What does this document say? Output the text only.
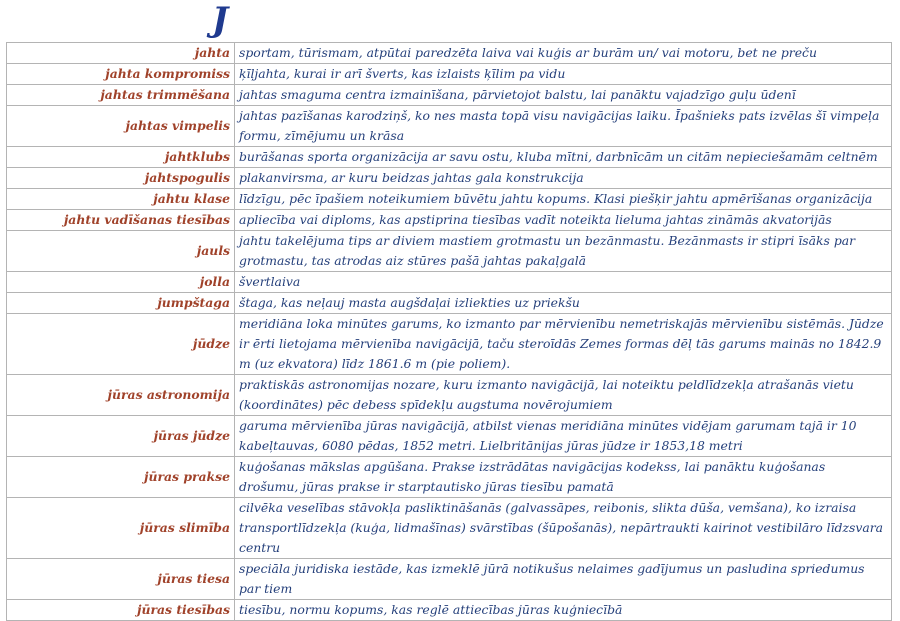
J
jahta	sportam, tūrismam, atpūtai paredzēta laiva vai kuģis ar burām un/ vai motoru, bet ne preču
jahta kompromiss	ķīļjahta, kurai ir arī šverts, kas izlaists ķīlim pa vidu
jahtas trimmēšana	jahtas smaguma centra izmainīšana, pārvietojot balstu, lai panāktu vajadzīgo guļu ūdenī
jahtas vimpelis	jahtas pazīšanas karodziņš, ko nes masta topā visu navigācijas laiku. Īpašnieks pats izvēlas šī vimpeļa formu, zīmējumu un krāsa
jahtklubs	burāšanas sporta organizācija ar savu ostu, kluba mītni, darbnīcām un citām nepieciešamām celtnēm
jahtspogulis	plakanvirsma, ar kuru beidzas jahtas gala konstrukcija
jahtu klase	līdzīgu, pēc īpašiem noteikumiem būvētu jahtu kopums. Klasi piešķir jahtu apmērīšanas organizācija
jahtu vadīšanas tiesības	apliecība vai diploms, kas apstiprina tiesības vadīt noteikta lieluma jahtas zināmās akvatorijās
jauls	jahtu takelējuma tips ar diviem mastiem grotmastu un bezānmastu. Bezānmasts ir stipri īsāks par grotmastu, tas atrodas aiz stūres pašā jahtas pakaļgalā
jolla	švertlaiva
jumpštaga	štaga, kas neļauj masta augšdaļai izliekties uz priekšu
jūdze	meridiāna loka minūtes garums, ko izmanto par mērvienību nemetriskajās mērvienību sistēmās. Jūdze ir ērti lietojama mērvienība navigācijā, taču steroīdās Zemes formas dēļ tās garums mainās no 1842.9 m (uz ekvatora) līdz 1861.6 m (pie poliem).
jūras astronomija	praktiskās astronomijas nozare, kuru izmanto navigācijā, lai noteiktu peldlīdzekļa atrašanās vietu (koordinātes) pēc debess spīdekļu augstuma novērojumiem
jūras jūdze	garuma mērvienība jūras navigācijā, atbilst vienas meridiāna minūtes vidējam garumam tajā ir 10 kabeļtauvas, 6080 pēdas, 1852 metri. Lielbritānijas jūras jūdze ir 1853,18 metri
jūras prakse	kuģošanas mākslas apgūšana. Prakse izstrādātas navigācijas kodekss, lai panāktu kuģošanas drošumu, jūras prakse ir starptautisko jūras tiesību pamatā
jūras slimība	cilvēka veselības stāvokļa pasliktināšanās (galvassāpes, reibonis, slikta dūša, vemšana), ko izraisa transportlīdzekļa (kuģa, lidmašīnas) svārstības (šūpošanās), nepārtraukti kairinot vestibilāro līdzsvara centru
jūras tiesa	speciāla juridiska iestāde, kas izmeklē jūrā notikušus nelaimes gadījumus un pasludina spriedumus par tiem
jūras tiesības	tiesību, normu kopums, kas reglē attiecības jūras kuģniecībā
